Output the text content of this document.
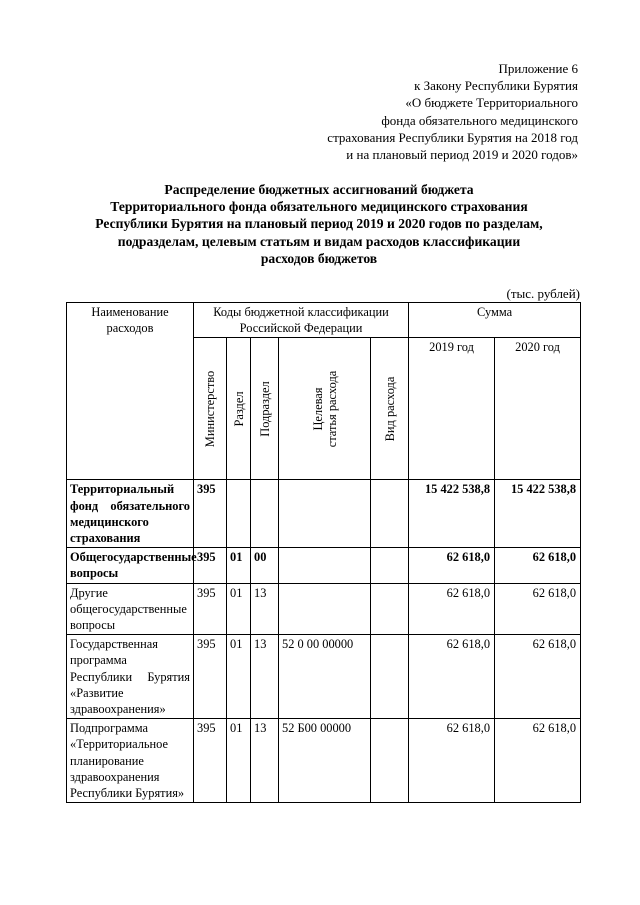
Приложение 6
к Закону Республики Бурятия
«О бюджете Территориального
фонда обязательного медицинского
страхования Республики Бурятия на 2018 год
и на плановый период 2019 и 2020 годов»
Распределение бюджетных ассигнований бюджета
Территориального фонда обязательного медицинского страхования
Республики Бурятия на плановый период 2019 и 2020 годов по разделам,
подразделам, целевым статьям и видам расходов классификации
расходов бюджетов
(тыс. рублей)
Наименование расходов	Коды бюджетной классификации Российской Федерации					Сумма	

	Министерство	Раздел	Подраздел	Целевая статья расхода	Вид расхода	2019 год	2020 год
Территориальный фонд обязательного медицинского страхования	395					15 422 538,8	15 422 538,8
Общегосударственные вопросы	395	01	00			62 618,0	62 618,0
Другие общегосударственные вопросы	395	01	13			62 618,0	62 618,0
Государственная программа Республики Бурятия «Развитие здравоохранения»	395	01	13	52 0 00 00000		62 618,0	62 618,0
Подпрограмма «Территориальное планирование здравоохранения Республики Бурятия»	395	01	13	52 Б00 00000		62 618,0	62 618,0
